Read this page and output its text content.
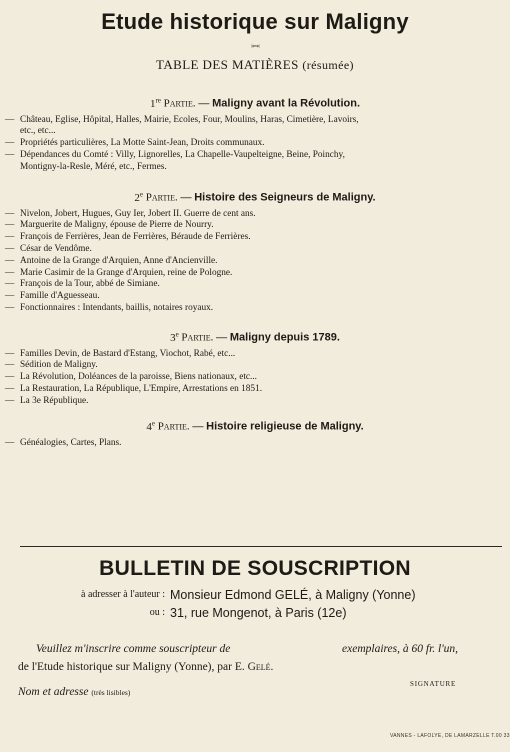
Etude historique sur Maligny
»◦◦«
TABLE DES MATIÈRES (résumée)
1re Partie. — Maligny avant la Révolution.
— Château, Eglise, Hôpital, Halles, Mairie, Ecoles, Four, Moulins, Haras, Cimetière, Lavoirs,
etc., etc...
— Propriétés particulières, La Motte Saint-Jean, Droits communaux.
— Dépendances du Comté : Villy, Lignorelles, La Chapelle-Vaupelteigne, Beine, Poinchy,
Montigny-la-Resle, Méré, etc., Fermes.
2e Partie. — Histoire des Seigneurs de Maligny.
— Nivelon, Jobert, Hugues, Guy Ier, Jobert II. Guerre de cent ans.
— Marguerite de Maligny, épouse de Pierre de Nourry.
— François de Ferrières, Jean de Ferrières, Béraude de Ferrières.
— César de Vendôme.
— Antoine de la Grange d'Arquien, Anne d'Ancienville.
— Marie Casimir de la Grange d'Arquien, reine de Pologne.
— François de la Tour, abbé de Simiane.
— Famille d'Aguesseau.
— Fonctionnaires : Intendants, baillis, notaires royaux.
3e Partie. — Maligny depuis 1789.
— Familles Devin, de Bastard d'Estang, Viochot, Rabé, etc...
— Sédition de Maligny.
— La Révolution, Doléances de la paroisse, Biens nationaux, etc...
— La Restauration, La République, L'Empire, Arrestations en 1851.
— La 3e République.
4e Partie. — Histoire religieuse de Maligny.
— Généalogies, Cartes, Plans.
BULLETIN DE SOUSCRIPTION
à adresser à l'auteur : Monsieur Edmond GELÉ, à Maligny (Yonne)
ou : 31, rue Mongenot, à Paris (12e)
Veuillez m'inscrire comme souscripteur de	exemplaires, à 60 fr. l'un,
de l'Etude historique sur Maligny (Yonne), par E. Gelé.
SIGNATURE
Nom et adresse (très lisibles)
VANNES - LAFOLYE, DE LAMARZELLE T.00 33
